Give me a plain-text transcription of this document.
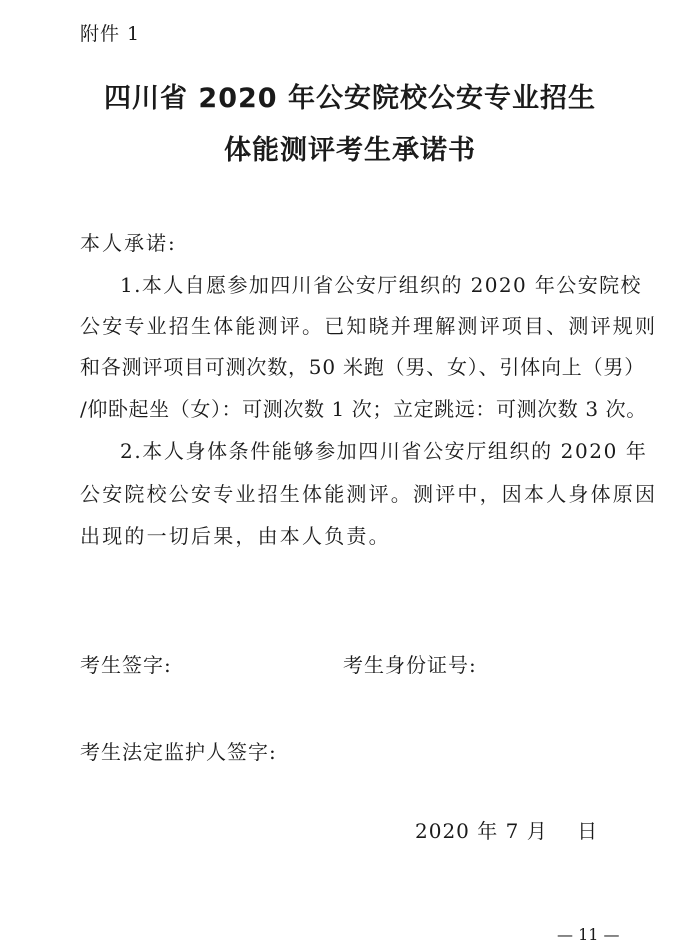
附件 1
四川省 2020 年公安院校公安专业招生
体能测评考生承诺书
本人承诺:
1.本人自愿参加四川省公安厅组织的 2020 年公安院校
公安专业招生体能测评。已知晓并理解测评项目、测评规则
和各测评项目可测次数，50 米跑（男、女）、引体向上（男）
/仰卧起坐（女）：可测次数 1 次；立定跳远：可测次数 3 次。
2.本人身体条件能够参加四川省公安厅组织的 2020 年
公安院校公安专业招生体能测评。测评中，因本人身体原因
出现的一切后果，由本人负责。
考生签字:	考生身份证号:
考生法定监护人签字:
2020 年 7 月    日
— 11 —
